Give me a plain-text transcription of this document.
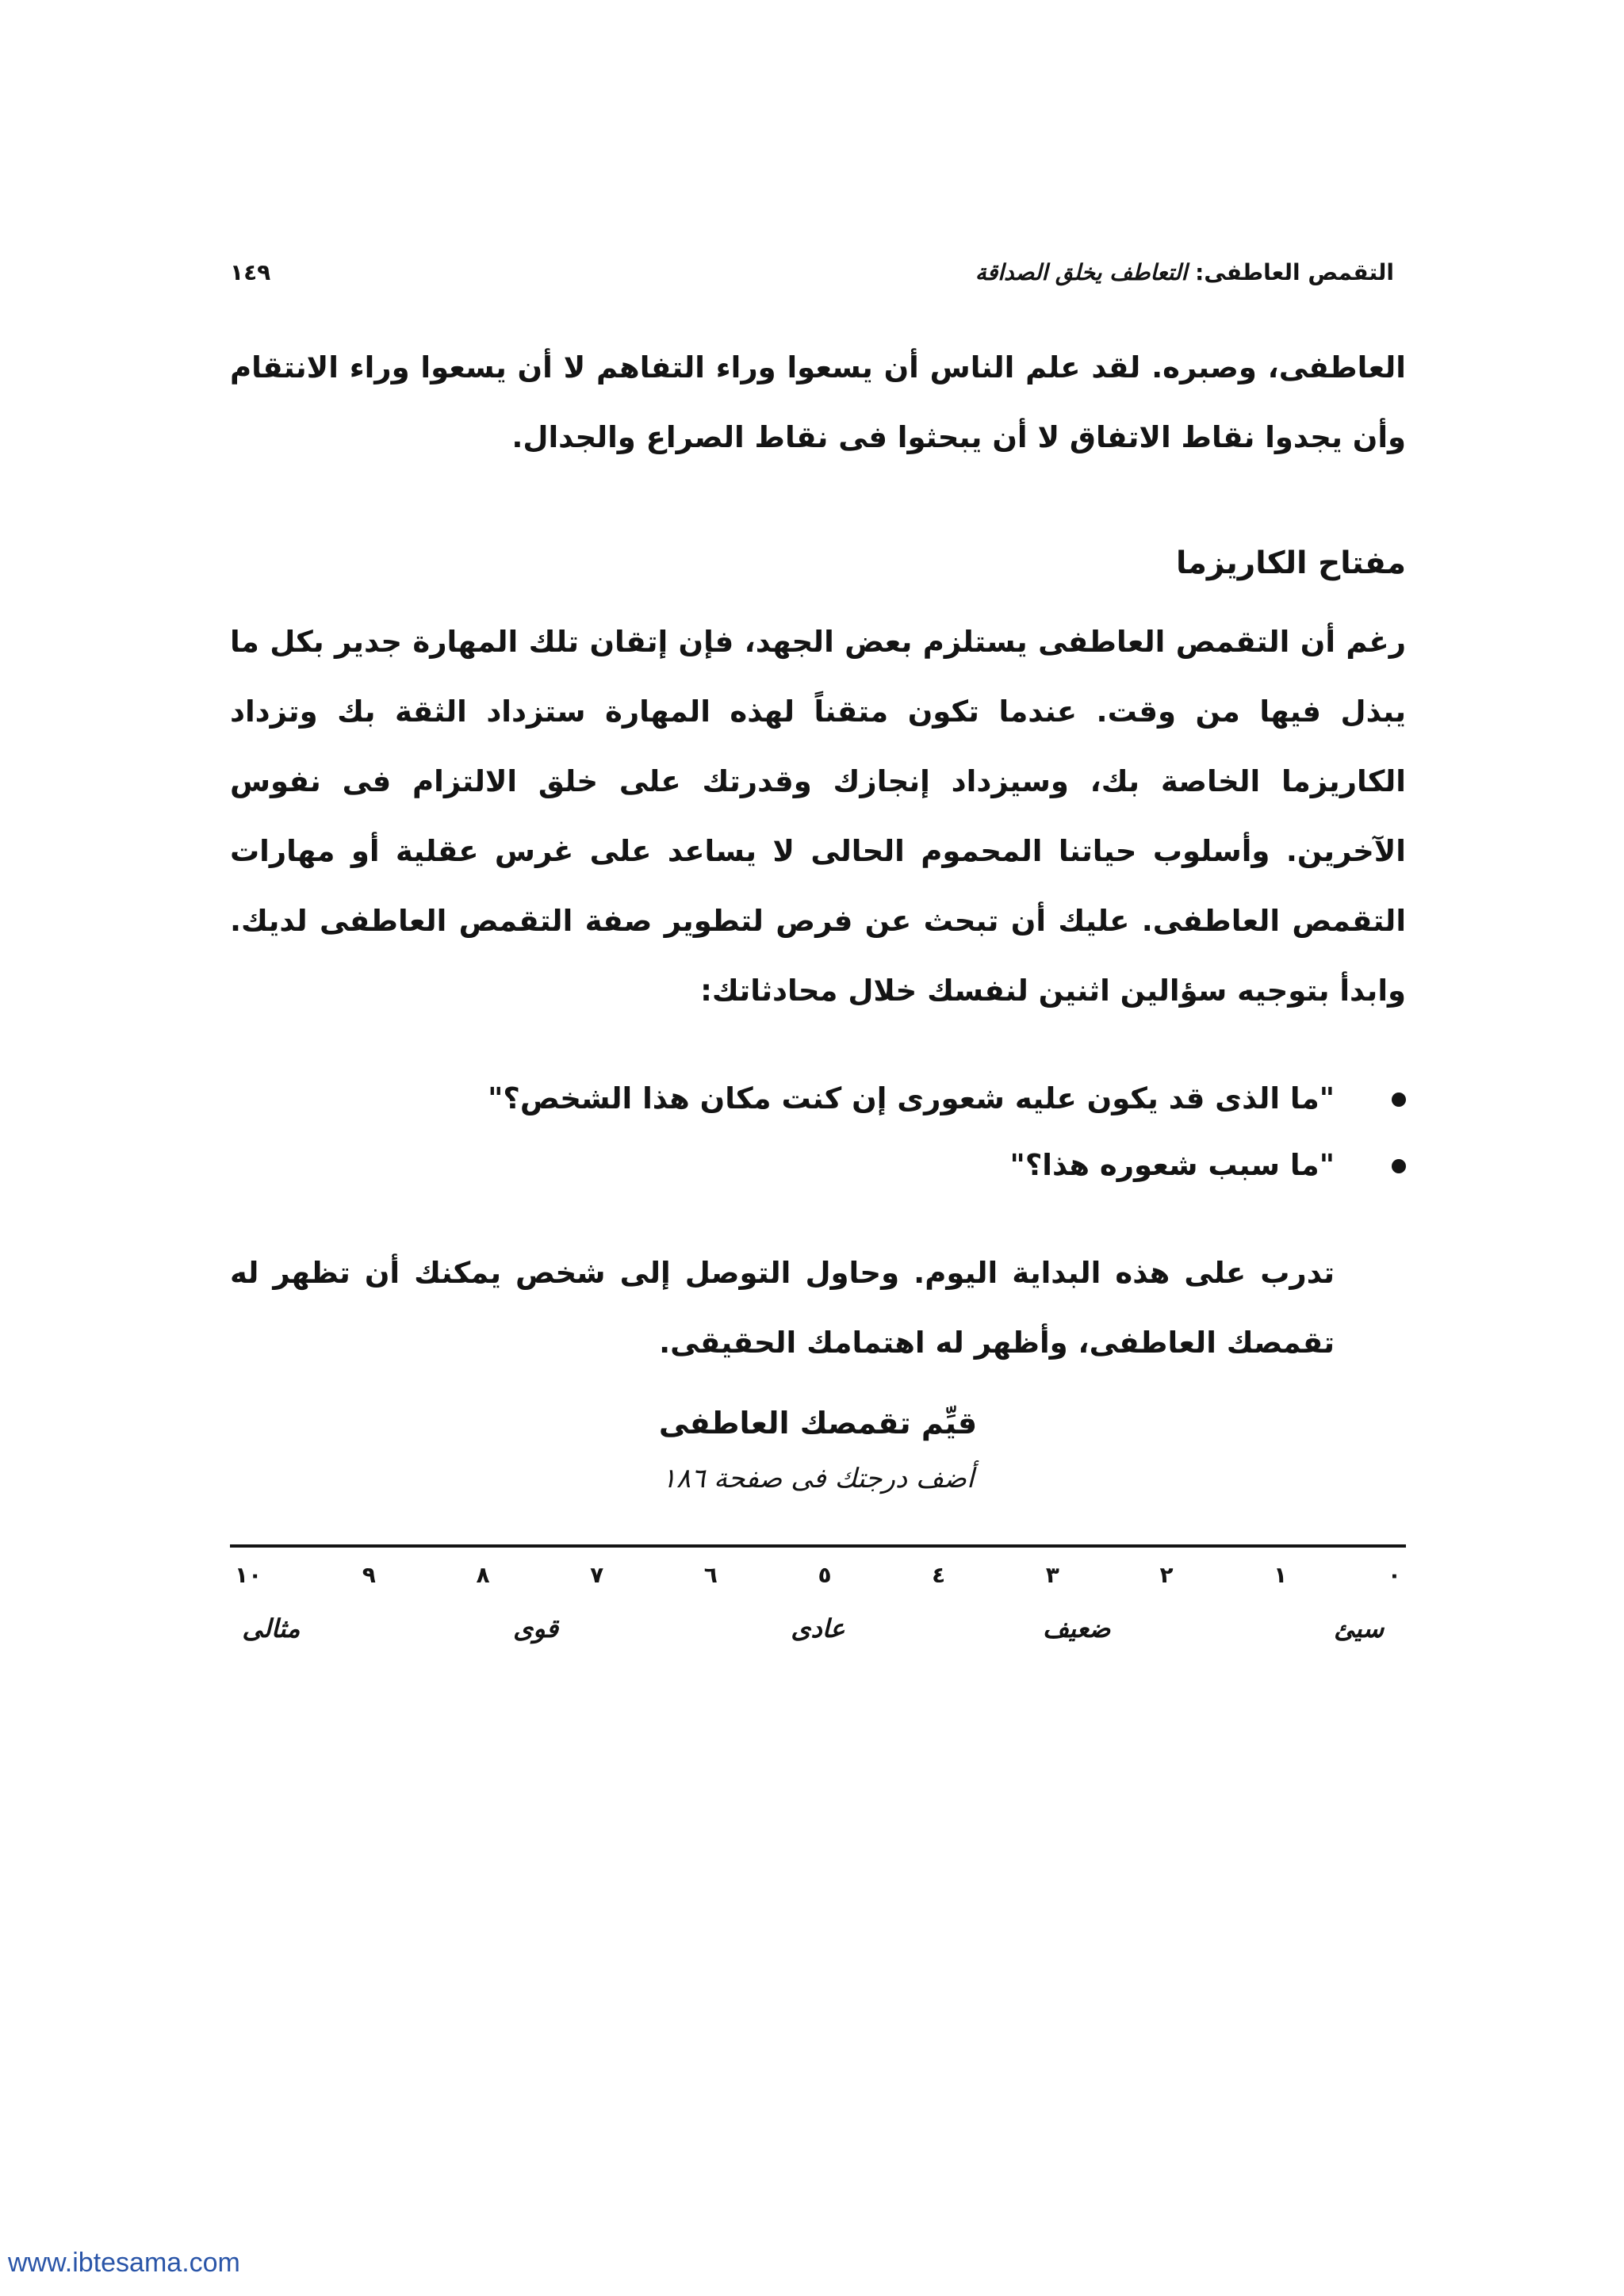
التقمص العاطفى: التعاطف يخلق الصداقة
١٤٩

العاطفى، وصبره. لقد علم الناس أن يسعوا وراء التفاهم لا أن يسعوا وراء الانتقام وأن يجدوا نقاط الاتفاق لا أن يبحثوا فى نقاط الصراع والجدال.

مفتاح الكاريزما

رغم أن التقمص العاطفى يستلزم بعض الجهد، فإن إتقان تلك المهارة جدير بكل ما يبذل فيها من وقت. عندما تكون متقناً لهذه المهارة ستزداد الثقة بك وتزداد الكاريزما الخاصة بك، وسيزداد إنجازك وقدرتك على خلق الالتزام فى نفوس الآخرين. وأسلوب حياتنا المحموم الحالى لا يساعد على غرس عقلية أو مهارات التقمص العاطفى. عليك أن تبحث عن فرص لتطوير صفة التقمص العاطفى لديك. وابدأ بتوجيه سؤالين اثنين لنفسك خلال محادثاتك:

"ما الذى قد يكون عليه شعورى إن كنت مكان هذا الشخص؟"
"ما سبب شعوره هذا؟"

تدرب على هذه البداية اليوم. وحاول التوصل إلى شخص يمكنك أن تظهر له تقمصك العاطفى، وأظهر له اهتمامك الحقيقى.

قيِّم تقمصك العاطفى
أضف درجتك فى صفحة ١٨٦
٠
١
٢
٣
٤
٥
٦
٧
٨
٩
١٠
سيئ
ضعيف
عادى
قوى
مثالى
www.ibtesama.com
